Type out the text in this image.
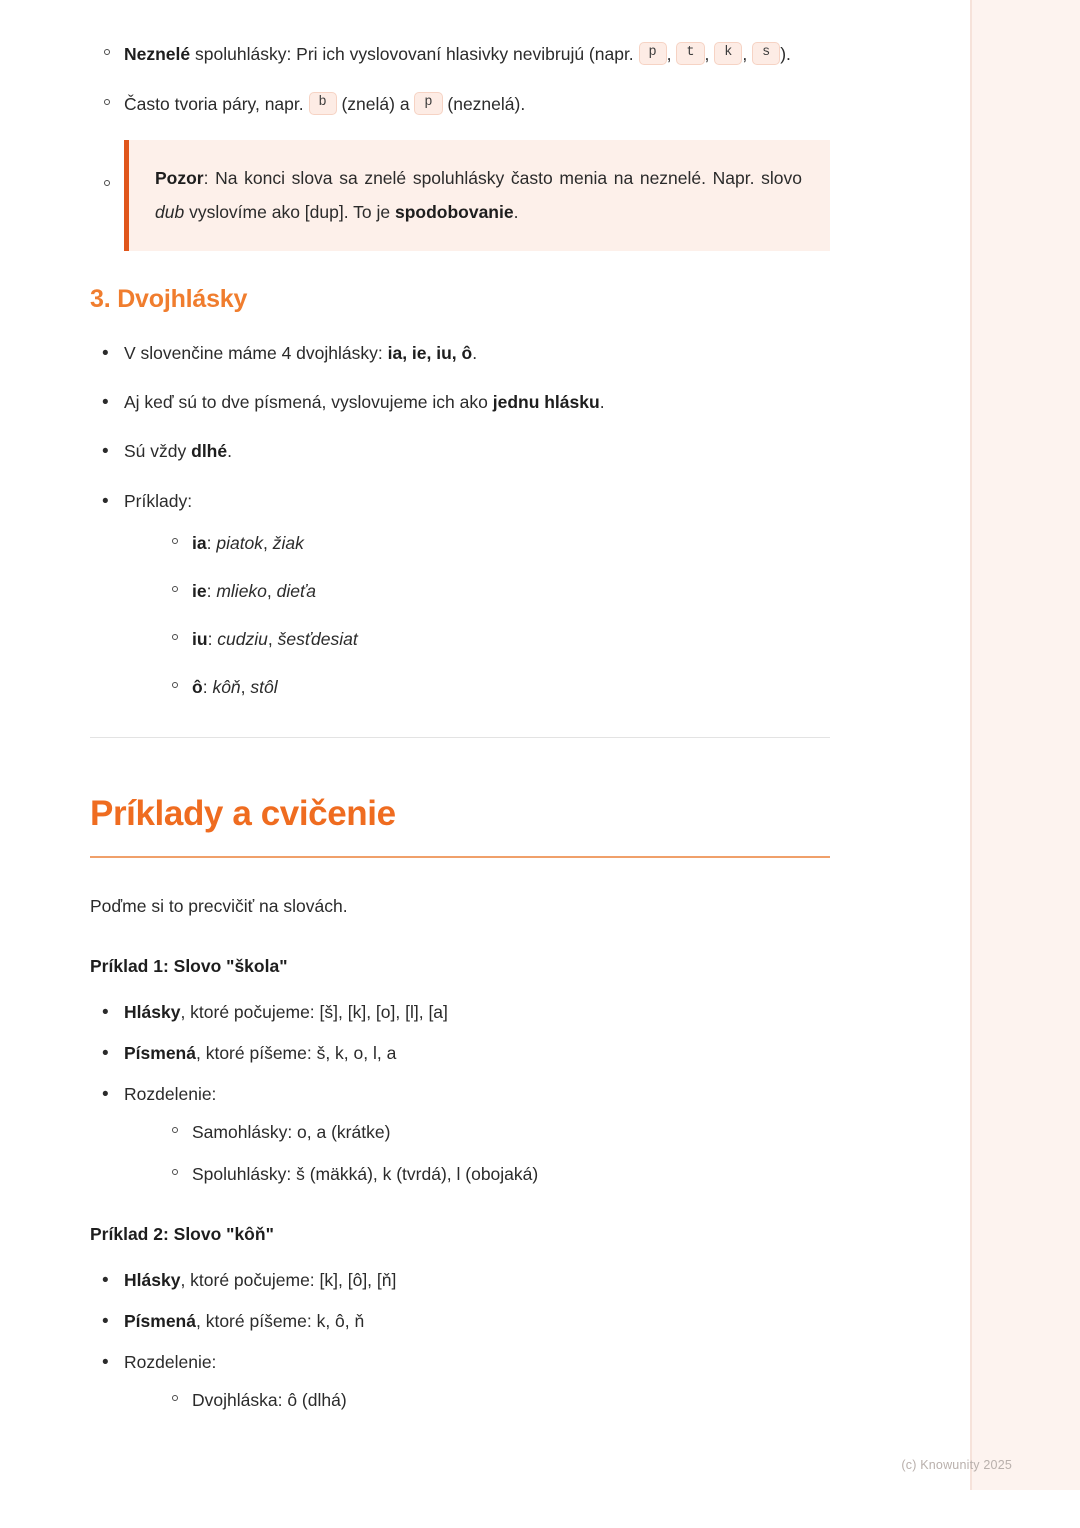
Neznelé spoluhlásky: Pri ich vyslovovaní hlasivky nevibrujú (napr. p , t , k , s ).
Často tvoria páry, napr. b (znelá) a p (neznelá).
Pozor: Na konci slova sa znelé spoluhlásky často menia na neznelé. Napr. slovo dub vyslovíme ako [dup]. To je spodobovanie.
3. Dvojhlásky
• V slovenčine máme 4 dvojhlásky: ia, ie, iu, ô.
• Aj keď sú to dve písmená, vyslovujeme ich ako jednu hlásku.
• Sú vždy dlhé.
• Príklady:
ia: piatok, žiak
ie: mlieko, dieťa
iu: cudziu, šesťdesiat
ô: kôň, stôl
Príklady a cvičenie

Poďme si to precvičiť na slovách.

Príklad 1: Slovo "škola"

• Hlásky, ktoré počujeme: [š], [k], [o], [l], [a]
• Písmená, ktoré píšeme: š, k, o, l, a
• Rozdelenie:
Samohlásky: o, a (krátke)
Spoluhlásky: š (mäkká), k (tvrdá), l (obojaká)

Príklad 2: Slovo "kôň"

• Hlásky, ktoré počujeme: [k], [ô], [ň]
• Písmená, ktoré píšeme: k, ô, ň
• Rozdelenie:
Dvojhláska: ô (dlhá)
(c) Knowunity 2025
